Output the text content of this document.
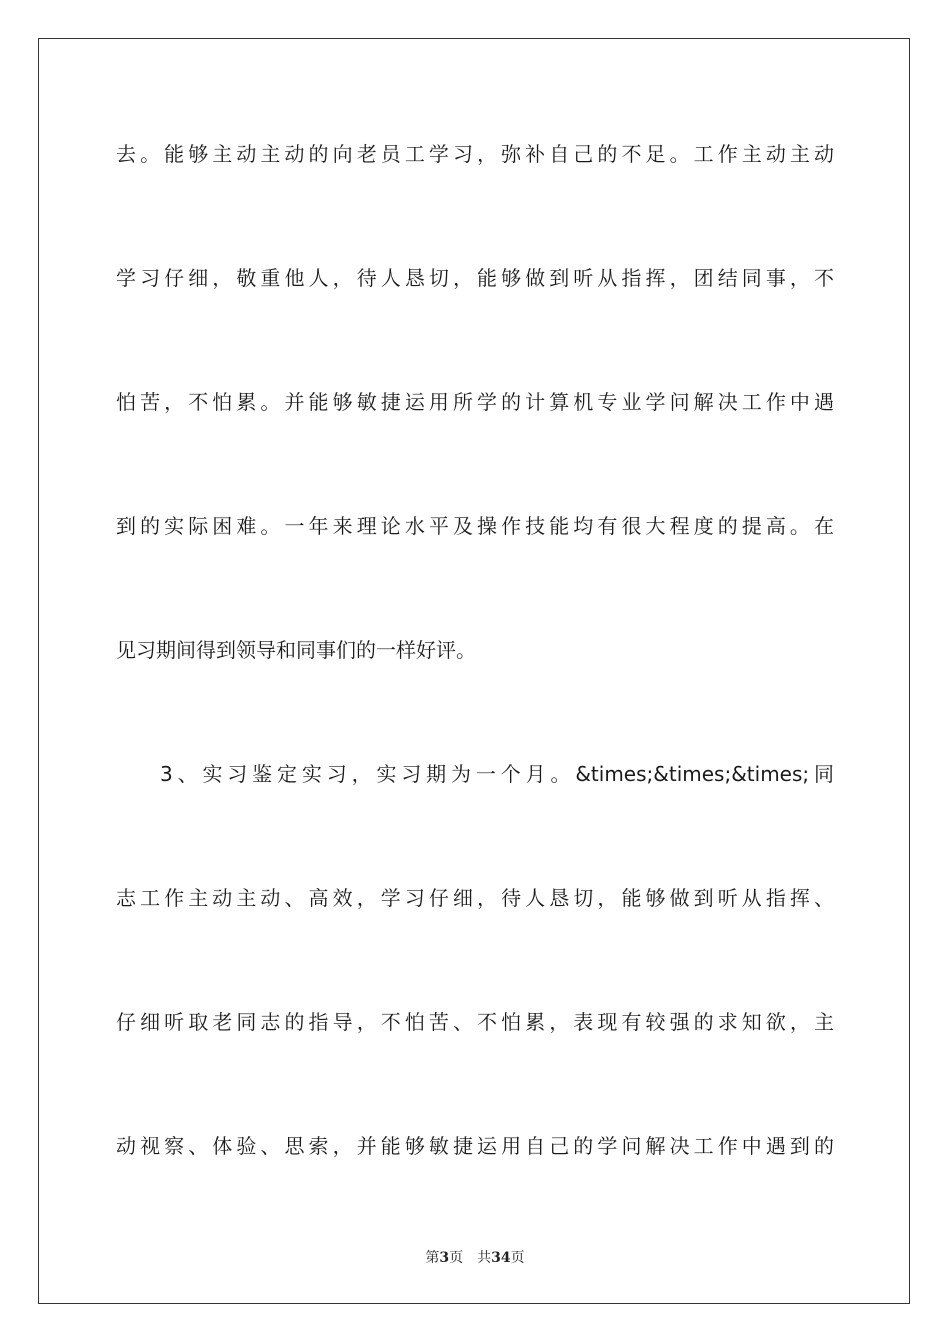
去。能够主动主动的向老员工学习，弥补自己的不足。工作主动主动
学习仔细，敬重他人，待人恳切，能够做到听从指挥，团结同事，不
怕苦，不怕累。并能够敏捷运用所学的计算机专业学问解决工作中遇
到的实际困难。一年来理论水平及操作技能均有很大程度的提高。在
见习期间得到领导和同事们的一样好评。
3、实习鉴定实习，实习期为一个月。&times;&times;&times;同
志工作主动主动、高效，学习仔细，待人恳切，能够做到听从指挥、
仔细听取老同志的指导，不怕苦、不怕累，表现有较强的求知欲，主
动视察、体验、思索，并能够敏捷运用自己的学问解决工作中遇到的
第3页　共34页
